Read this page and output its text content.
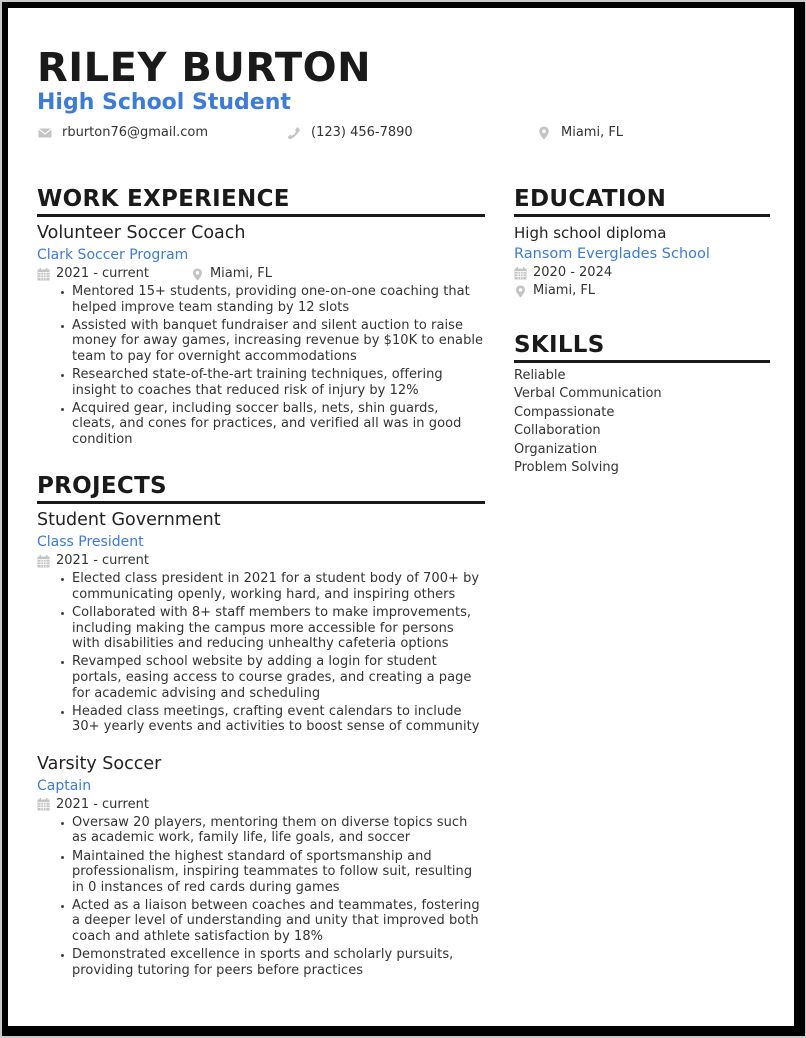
RILEY BURTON
High School Student
rburton76@gmail.com	(123) 456-7890	Miami, FL
WORK EXPERIENCE
Volunteer Soccer Coach
Clark Soccer Program
2021 - current	Miami, FL
Mentored 15+ students, providing one-on-one coaching that helped improve team standing by 12 slots
Assisted with banquet fundraiser and silent auction to raise money for away games, increasing revenue by $10K to enable team to pay for overnight accommodations
Researched state-of-the-art training techniques, offering insight to coaches that reduced risk of injury by 12%
Acquired gear, including soccer balls, nets, shin guards, cleats, and cones for practices, and verified all was in good condition
PROJECTS
Student Government
Class President
2021 - current
Elected class president in 2021 for a student body of 700+ by communicating openly, working hard, and inspiring others
Collaborated with 8+ staff members to make improvements, including making the campus more accessible for persons with disabilities and reducing unhealthy cafeteria options
Revamped school website by adding a login for student portals, easing access to course grades, and creating a page for academic advising and scheduling
Headed class meetings, crafting event calendars to include 30+ yearly events and activities to boost sense of community
Varsity Soccer
Captain
2021 - current
Oversaw 20 players, mentoring them on diverse topics such as academic work, family life, life goals, and soccer
Maintained the highest standard of sportsmanship and professionalism, inspiring teammates to follow suit, resulting in 0 instances of red cards during games
Acted as a liaison between coaches and teammates, fostering a deeper level of understanding and unity that improved both coach and athlete satisfaction by 18%
Demonstrated excellence in sports and scholarly pursuits, providing tutoring for peers before practices
EDUCATION
High school diploma
Ransom Everglades School
2020 - 2024
Miami, FL
SKILLS
Reliable
Verbal Communication
Compassionate
Collaboration
Organization
Problem Solving
